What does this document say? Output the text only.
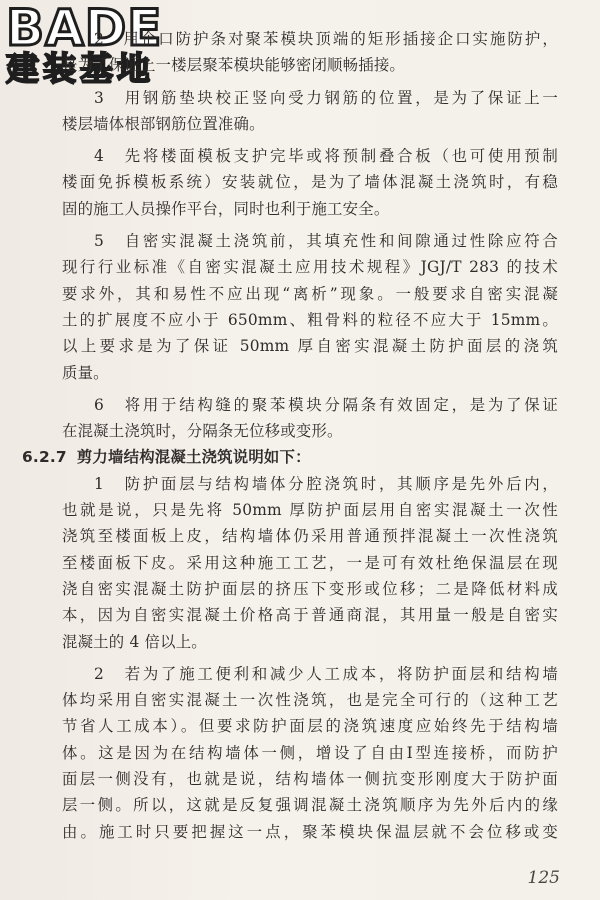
BADE
建装基地
2　用企口防护条对聚苯模块顶端的矩形插接企口实施防护，
是为了保证上一楼层聚苯模块能够密闭顺畅插接。
3　用钢筋垫块校正竖向受力钢筋的位置，是为了保证上一
楼层墙体根部钢筋位置准确。
4　先将楼面模板支护完毕或将预制叠合板（也可使用预制
楼面免拆模板系统）安装就位，是为了墙体混凝土浇筑时，有稳
固的施工人员操作平台，同时也利于施工安全。
5　自密实混凝土浇筑前，其填充性和间隙通过性除应符合
现行行业标准《自密实混凝土应用技术规程》JGJ/T 283 的技术
要求外，其和易性不应出现“离析”现象。一般要求自密实混凝
土的扩展度不应小于 650mm、粗骨料的粒径不应大于 15mm。
以上要求是为了保证 50mm 厚自密实混凝土防护面层的浇筑
质量。
6　将用于结构缝的聚苯模块分隔条有效固定，是为了保证
在混凝土浇筑时，分隔条无位移或变形。
6.2.7 剪力墙结构混凝土浇筑说明如下：
1　防护面层与结构墙体分腔浇筑时，其顺序是先外后内，
也就是说，只是先将 50mm 厚防护面层用自密实混凝土一次性
浇筑至楼面板上皮，结构墙体仍采用普通预拌混凝土一次性浇筑
至楼面板下皮。采用这种施工工艺，一是可有效杜绝保温层在现
浇自密实混凝土防护面层的挤压下变形或位移；二是降低材料成
本，因为自密实混凝土价格高于普通商混，其用量一般是自密实
混凝土的 4 倍以上。
2　若为了施工便利和减少人工成本，将防护面层和结构墙
体均采用自密实混凝土一次性浇筑，也是完全可行的（这种工艺
节省人工成本）。但要求防护面层的浇筑速度应始终先于结构墙
体。这是因为在结构墙体一侧，增设了自由Ⅰ型连接桥，而防护
面层一侧没有，也就是说，结构墙体一侧抗变形刚度大于防护面
层一侧。所以，这就是反复强调混凝土浇筑顺序为先外后内的缘
由。施工时只要把握这一点，聚苯模块保温层就不会位移或变
125
